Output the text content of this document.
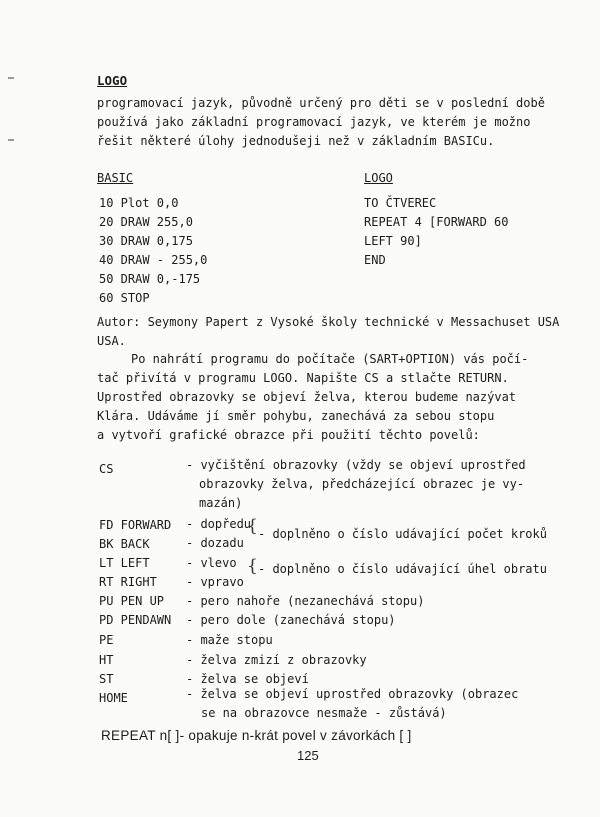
LOGO
programovací jazyk, původně určený pro děti se v poslední době
používá jako základní programovací jazyk, ve kterém je možno
řešit některé úlohy jednodušeji než v základním BASICu.
BASIC
10 Plot 0,0
20 DRAW 255,0
30 DRAW 0,175
40 DRAW - 255,0
50 DRAW 0,-175
60 STOP
LOGO
TO ČTVEREC
REPEAT 4 [FORWARD 60
LEFT 90]
END
Autor: Seymony Papert z Vysoké školy technické v Messachuset USA
USA.
Po nahrátí programu do počítače (SART+OPTION) vás počí-
tač přivítá v programu LOGO. Napište CS a stlačte RETURN.
Uprostřed obrazovky se objeví želva, kterou budeme nazývat
Klára. Udáváme jí směr pohybu, zanechává za sebou stopu
a vytvoří grafické obrazce při použití těchto povelů:
CS	- vyčištění obrazovky (vždy se objeví uprostřed
obrazovky želva, předcházející obrazec je vy-
mazán)
FD FORWARD - dopředu
BK BACK	- dozadu
{ - doplněno o číslo udávající počet kroků
LT LEFT	- vlevo
RT RIGHT - vpravo
{ - doplněno o číslo udávající úhel obratu
PU PEN UP - pero nahoře (nezanechává stopu)
PD PENDAWN - pero dole (zanechává stopu)
PE	- maže stopu
HT	- želva zmizí z obrazovky
ST	- želva se objeví
HOME	- želva se objeví uprostřed obrazovky (obrazec
se na obrazovce nesmaže - zůstává)
REPEAT n[ ]- opakuje n-krát povel v závorkách [ ]
125
